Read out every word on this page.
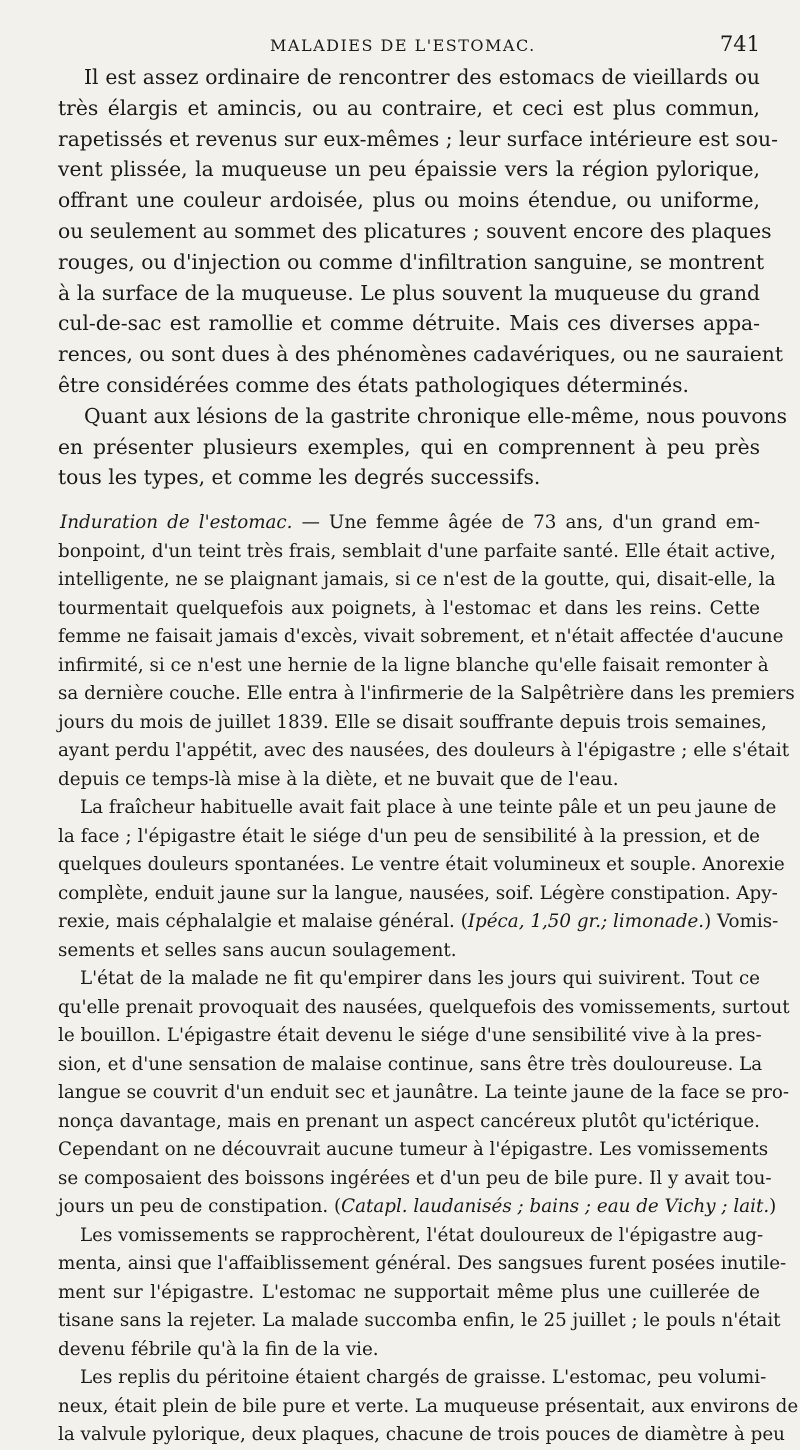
MALADIES DE L'ESTOMAC.	741
Il est assez ordinaire de rencontrer des estomacs de vieillards ou
très élargis et amincis, ou au contraire, et ceci est plus commun,
rapetissés et revenus sur eux-mêmes ; leur surface intérieure est sou-
vent plissée, la muqueuse un peu épaissie vers la région pylorique,
offrant une couleur ardoisée, plus ou moins étendue, ou uniforme,
ou seulement au sommet des plicatures ; souvent encore des plaques
rouges, ou d'injection ou comme d'infiltration sanguine, se montrent
à la surface de la muqueuse. Le plus souvent la muqueuse du grand
cul-de-sac est ramollie et comme détruite. Mais ces diverses appa-
rences, ou sont dues à des phénomènes cadavériques, ou ne sauraient
être considérées comme des états pathologiques déterminés.
Quant aux lésions de la gastrite chronique elle-même, nous pouvons
en présenter plusieurs exemples, qui en comprennent à peu près
tous les types, et comme les degrés successifs.
Induration de l'estomac. — Une femme âgée de 73 ans, d'un grand em-
bonpoint, d'un teint très frais, semblait d'une parfaite santé. Elle était active,
intelligente, ne se plaignant jamais, si ce n'est de la goutte, qui, disait-elle, la
tourmentait quelquefois aux poignets, à l'estomac et dans les reins. Cette
femme ne faisait jamais d'excès, vivait sobrement, et n'était affectée d'aucune
infirmité, si ce n'est une hernie de la ligne blanche qu'elle faisait remonter à
sa dernière couche. Elle entra à l'infirmerie de la Salpêtrière dans les premiers
jours du mois de juillet 1839. Elle se disait souffrante depuis trois semaines,
ayant perdu l'appétit, avec des nausées, des douleurs à l'épigastre ; elle s'était
depuis ce temps-là mise à la diète, et ne buvait que de l'eau.
La fraîcheur habituelle avait fait place à une teinte pâle et un peu jaune de
la face ; l'épigastre était le siége d'un peu de sensibilité à la pression, et de
quelques douleurs spontanées. Le ventre était volumineux et souple. Anorexie
complète, enduit jaune sur la langue, nausées, soif. Légère constipation. Apy-
rexie, mais céphalalgie et malaise général. (Ipéca, 1,50 gr.; limonade.) Vomis-
sements et selles sans aucun soulagement.
L'état de la malade ne fit qu'empirer dans les jours qui suivirent. Tout ce
qu'elle prenait provoquait des nausées, quelquefois des vomissements, surtout
le bouillon. L'épigastre était devenu le siége d'une sensibilité vive à la pres-
sion, et d'une sensation de malaise continue, sans être très douloureuse. La
langue se couvrit d'un enduit sec et jaunâtre. La teinte jaune de la face se pro-
nonça davantage, mais en prenant un aspect cancéreux plutôt qu'ictérique.
Cependant on ne découvrait aucune tumeur à l'épigastre. Les vomissements
se composaient des boissons ingérées et d'un peu de bile pure. Il y avait tou-
jours un peu de constipation. (Catapl. laudanisés ; bains ; eau de Vichy ; lait.)
Les vomissements se rapprochèrent, l'état douloureux de l'épigastre aug-
menta, ainsi que l'affaiblissement général. Des sangsues furent posées inutile-
ment sur l'épigastre. L'estomac ne supportait même plus une cuillerée de
tisane sans la rejeter. La malade succomba enfin, le 25 juillet ; le pouls n'était
devenu fébrile qu'à la fin de la vie.
Les replis du péritoine étaient chargés de graisse. L'estomac, peu volumi-
neux, était plein de bile pure et verte. La muqueuse présentait, aux environs de
la valvule pylorique, deux plaques, chacune de trois pouces de diamètre à peu
